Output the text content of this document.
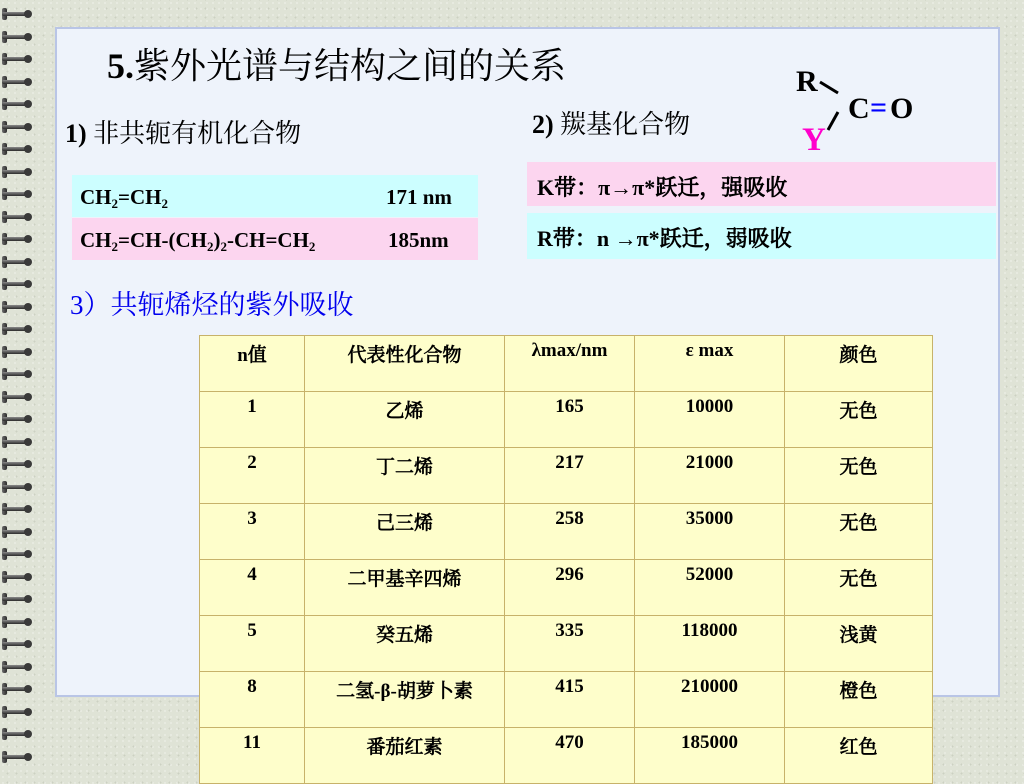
5.紫外光谱与结构之间的关系
1) 非共轭有机化合物	2) 羰基化合物
$CH_2=CH_2$	171 nm
$CH_2=CH-(CH_2)_2-CH=CH_2$	185nm
K带：π→π*跃迁，强吸收
R带：n →π*跃迁，弱吸收
R
C = O
Y
3）共轭烯烃的紫外吸收
n值	代表性化合物	λmax/nm	ε max	颜色
1	乙烯	165	10000	无色
2	丁二烯	217	21000	无色
3	己三烯	258	35000	无色
4	二甲基辛四烯	296	52000	无色
5	癸五烯	335	118000	浅黄
8	二氢-β-胡萝卜素	415	210000	橙色
11	番茄红素	470	185000	红色
